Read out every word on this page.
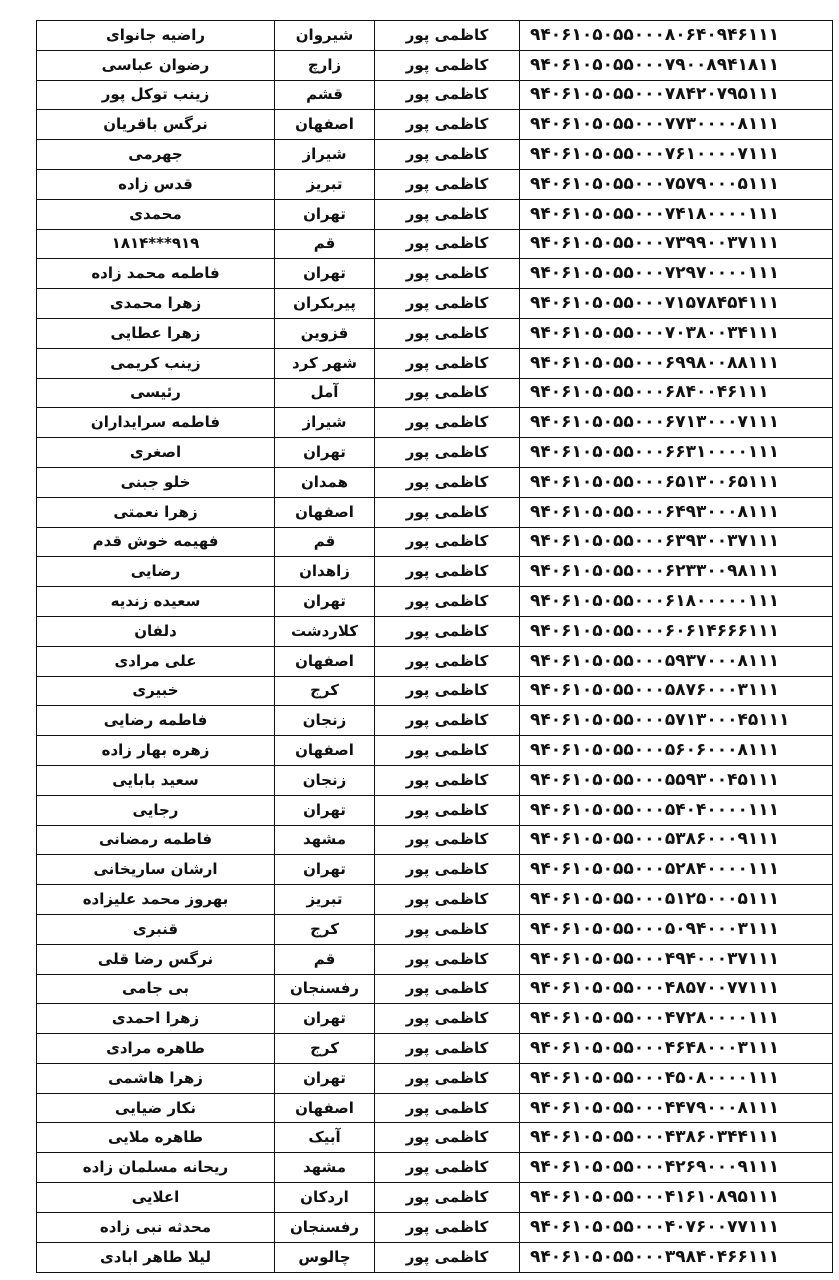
راضیه جانوای	شیروان	کاظمی پور	۹۴۰۶۱۰۵۰۵۵۰۰۰۸۰۶۴۰۹۴۶۱۱۱
رضوان عباسی	زارچ	کاظمی پور	۹۴۰۶۱۰۵۰۵۵۰۰۰۷۹۰۰۸۹۴۱۸۱۱
زینب توکل پور	قشم	کاظمی پور	۹۴۰۶۱۰۵۰۵۵۰۰۰۷۸۴۲۰۷۹۵۱۱۱
نرگس باقریان	اصفهان	کاظمی پور	۹۴۰۶۱۰۵۰۵۵۰۰۰۷۷۳۰۰۰۰۸۱۱۱
جهرمی	شیراز	کاظمی پور	۹۴۰۶۱۰۵۰۵۵۰۰۰۷۶۱۰۰۰۰۷۱۱۱
قدس زاده	تبریز	کاظمی پور	۹۴۰۶۱۰۵۰۵۵۰۰۰۷۵۷۹۰۰۰۵۱۱۱
محمدی	تهران	کاظمی پور	۹۴۰۶۱۰۵۰۵۵۰۰۰۷۴۱۸۰۰۰۰۱۱۱
۹۱۹***۱۸۱۴	قم	کاظمی پور	۹۴۰۶۱۰۵۰۵۵۰۰۰۷۳۹۹۰۰۳۷۱۱۱
فاطمه محمد زاده	تهران	کاظمی پور	۹۴۰۶۱۰۵۰۵۵۰۰۰۷۲۹۷۰۰۰۰۱۱۱
زهرا محمدی	پیربکران	کاظمی پور	۹۴۰۶۱۰۵۰۵۵۰۰۰۷۱۵۷۸۴۵۴۱۱۱
زهرا عطایی	قزوین	کاظمی پور	۹۴۰۶۱۰۵۰۵۵۰۰۰۷۰۳۸۰۰۳۴۱۱۱
زینب کریمی	شهر کرد	کاظمی پور	۹۴۰۶۱۰۵۰۵۵۰۰۰۶۹۹۸۰۰۸۸۱۱۱
رئیسی	آمل	کاظمی پور	۹۴۰۶۱۰۵۰۵۵۰۰۰۶۸۴۰۰۴۶۱۱۱
فاطمه سرایداران	شیراز	کاظمی پور	۹۴۰۶۱۰۵۰۵۵۰۰۰۶۷۱۳۰۰۰۷۱۱۱
اصغری	تهران	کاظمی پور	۹۴۰۶۱۰۵۰۵۵۰۰۰۶۶۳۱۰۰۰۰۱۱۱
خلو جبنی	همدان	کاظمی پور	۹۴۰۶۱۰۵۰۵۵۰۰۰۶۵۱۳۰۰۶۵۱۱۱
زهرا نعمتی	اصفهان	کاظمی پور	۹۴۰۶۱۰۵۰۵۵۰۰۰۶۴۹۳۰۰۰۸۱۱۱
فهیمه خوش قدم	قم	کاظمی پور	۹۴۰۶۱۰۵۰۵۵۰۰۰۶۳۹۳۰۰۳۷۱۱۱
رضایی	زاهدان	کاظمی پور	۹۴۰۶۱۰۵۰۵۵۰۰۰۶۲۳۳۰۰۹۸۱۱۱
سعیده زندیه	تهران	کاظمی پور	۹۴۰۶۱۰۵۰۵۵۰۰۰۶۱۸۰۰۰۰۰۱۱۱
دلفان	کلاردشت	کاظمی پور	۹۴۰۶۱۰۵۰۵۵۰۰۰۶۰۶۱۴۶۶۶۱۱۱
علی مرادی	اصفهان	کاظمی پور	۹۴۰۶۱۰۵۰۵۵۰۰۰۵۹۳۷۰۰۰۸۱۱۱
خبیری	کرج	کاظمی پور	۹۴۰۶۱۰۵۰۵۵۰۰۰۵۸۷۶۰۰۰۳۱۱۱
فاطمه رضایی	زنجان	کاظمی پور	۹۴۰۶۱۰۵۰۵۵۰۰۰۵۷۱۳۰۰۰۴۵۱۱۱
زهره بهار زاده	اصفهان	کاظمی پور	۹۴۰۶۱۰۵۰۵۵۰۰۰۵۶۰۶۰۰۰۸۱۱۱
سعید بابایی	زنجان	کاظمی پور	۹۴۰۶۱۰۵۰۵۵۰۰۰۵۵۹۳۰۰۴۵۱۱۱
رجایی	تهران	کاظمی پور	۹۴۰۶۱۰۵۰۵۵۰۰۰۵۴۰۴۰۰۰۰۱۱۱
فاطمه رمضانی	مشهد	کاظمی پور	۹۴۰۶۱۰۵۰۵۵۰۰۰۵۳۸۶۰۰۰۹۱۱۱
ارشان ساریخانی	تهران	کاظمی پور	۹۴۰۶۱۰۵۰۵۵۰۰۰۵۲۸۴۰۰۰۰۱۱۱
بهروز محمد علیزاده	تبریز	کاظمی پور	۹۴۰۶۱۰۵۰۵۵۰۰۰۵۱۲۵۰۰۰۵۱۱۱
قنبری	کرج	کاظمی پور	۹۴۰۶۱۰۵۰۵۵۰۰۰۵۰۹۴۰۰۰۳۱۱۱
نرگس رضا قلی	قم	کاظمی پور	۹۴۰۶۱۰۵۰۵۵۰۰۰۴۹۴۰۰۰۳۷۱۱۱
بی جامی	رفسنجان	کاظمی پور	۹۴۰۶۱۰۵۰۵۵۰۰۰۴۸۵۷۰۰۷۷۱۱۱
زهرا احمدی	تهران	کاظمی پور	۹۴۰۶۱۰۵۰۵۵۰۰۰۴۷۲۸۰۰۰۰۱۱۱
طاهره مرادی	کرج	کاظمی پور	۹۴۰۶۱۰۵۰۵۵۰۰۰۴۶۴۸۰۰۰۳۱۱۱
زهرا هاشمی	تهران	کاظمی پور	۹۴۰۶۱۰۵۰۵۵۰۰۰۴۵۰۸۰۰۰۰۱۱۱
نکار ضیایی	اصفهان	کاظمی پور	۹۴۰۶۱۰۵۰۵۵۰۰۰۴۴۷۹۰۰۰۸۱۱۱
طاهره ملایی	آبیک	کاظمی پور	۹۴۰۶۱۰۵۰۵۵۰۰۰۴۳۸۶۰۳۴۴۱۱۱
ریحانه مسلمان زاده	مشهد	کاظمی پور	۹۴۰۶۱۰۵۰۵۵۰۰۰۴۲۶۹۰۰۰۹۱۱۱
اعلایی	اردکان	کاظمی پور	۹۴۰۶۱۰۵۰۵۵۰۰۰۴۱۶۱۰۸۹۵۱۱۱
محدثه نبی زاده	رفسنجان	کاظمی پور	۹۴۰۶۱۰۵۰۵۵۰۰۰۴۰۷۶۰۰۷۷۱۱۱
لیلا طاهر ابادی	چالوس	کاظمی پور	۹۴۰۶۱۰۵۰۵۵۰۰۰۳۹۸۴۰۴۶۶۱۱۱
